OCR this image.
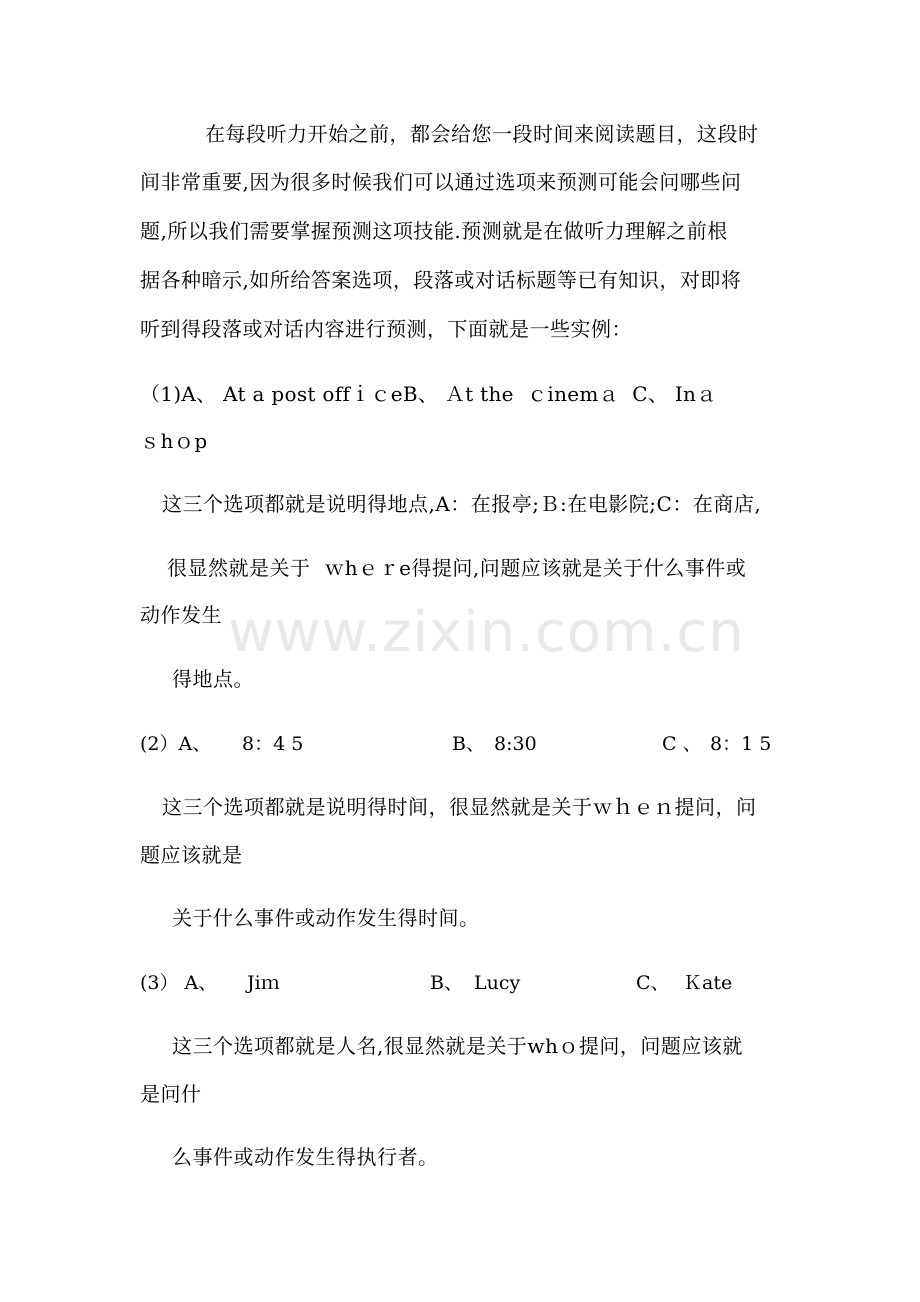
www.zixin.com.cn
在每段听力开始之前，都会给您一段时间来阅读题目，这段时
间非常重要,因为很多时候我们可以通过选项来预测可能会问哪些问
题,所以我们需要掌握预测这项技能.预测就是在做听力理解之前根
据各种暗示,如所给答案选项，段落或对话标题等已有知识，对即将
听到得段落或对话内容进行预测，下面就是一些实例：
（1)A、 At a post offｉｃeB、 Ａt the  ｃinemａ  C、 Inａ
ｓhｏp
这三个选项都就是说明得地点,A：在报亭;Ｂ:在电影院;C：在商店,
很显然就是关于  ｗhｅｒe得提问,问题应该就是关于什么事件或
动作发生
得地点。
(2）A、 8：4 5	B、 8:30	C 、 8：1 5
这三个选项都就是说明得时间，很显然就是关于ｗｈｅｎ提问，问
题应该就是
关于什么事件或动作发生得时间。
(3） A、 Jiｍ	B、 Lucy	C、 Ｋate
这三个选项都就是人名,很显然就是关于whｏ提问，问题应该就
是问什
么事件或动作发生得执行者。
